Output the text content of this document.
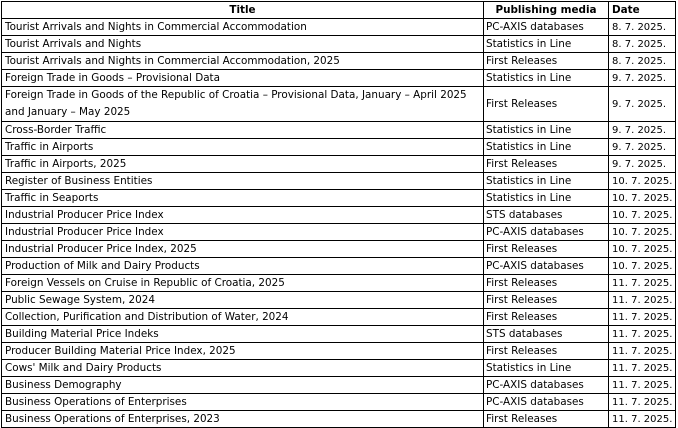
Title	Publishing media	Date
Tourist Arrivals and Nights in Commercial Accommodation	PC-AXIS databases	8. 7. 2025.
Tourist Arrivals and Nights	Statistics in Line	8. 7. 2025.
Tourist Arrivals and Nights in Commercial Accommodation, 2025	First Releases	8. 7. 2025.
Foreign Trade in Goods – Provisional Data	Statistics in Line	9. 7. 2025.
Foreign Trade in Goods of the Republic of Croatia – Provisional Data, January – April 2025 and January – May 2025	First Releases	9. 7. 2025.
Cross-Border Traffic	Statistics in Line	9. 7. 2025.
Traffic in Airports	Statistics in Line	9. 7. 2025.
Traffic in Airports, 2025	First Releases	9. 7. 2025.
Register of Business Entities	Statistics in Line	10. 7. 2025.
Traffic in Seaports	Statistics in Line	10. 7. 2025.
Industrial Producer Price Index	STS databases	10. 7. 2025.
Industrial Producer Price Index	PC-AXIS databases	10. 7. 2025.
Industrial Producer Price Index, 2025	First Releases	10. 7. 2025.
Production of Milk and Dairy Products	PC-AXIS databases	10. 7. 2025.
Foreign Vessels on Cruise in Republic of Croatia, 2025	First Releases	11. 7. 2025.
Public Sewage System, 2024	First Releases	11. 7. 2025.
Collection, Purification and Distribution of Water, 2024	First Releases	11. 7. 2025.
Building Material Price Indeks	STS databases	11. 7. 2025.
Producer Building Material Price Index, 2025	First Releases	11. 7. 2025.
Cows' Milk and Dairy Products	Statistics in Line	11. 7. 2025.
Business Demography	PC-AXIS databases	11. 7. 2025.
Business Operations of Enterprises	PC-AXIS databases	11. 7. 2025.
Business Operations of Enterprises, 2023	First Releases	11. 7. 2025.
